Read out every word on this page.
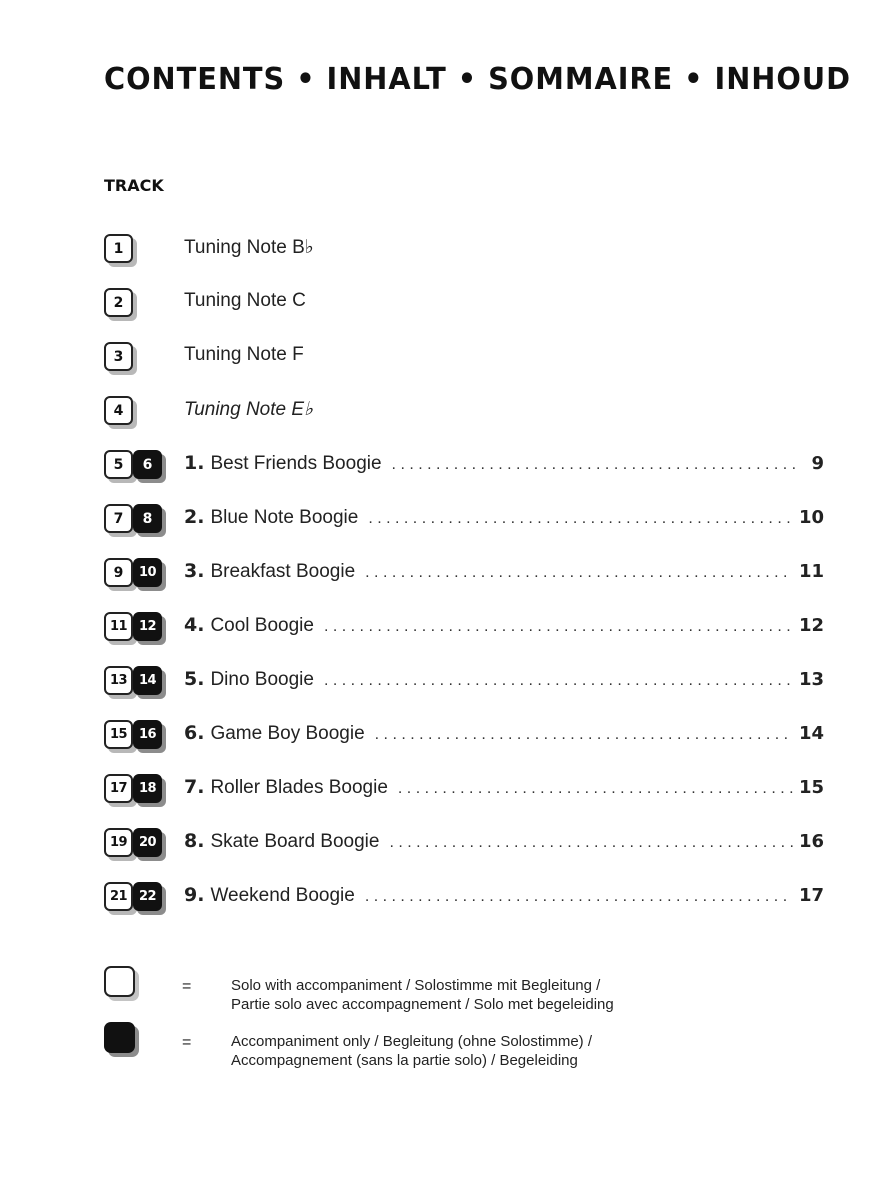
CONTENTS • INHALT • SOMMAIRE • INHOUD
TRACK
1	Tuning Note B♭
2	Tuning Note C
3	Tuning Note F
4	Tuning Note E♭
5	6	1. Best Friends Boogie . . .	9
7	8	2. Blue Note Boogie . . .	10
9	10	3. Breakfast Boogie . . .	11
11 12	4. Cool Boogie . . .	12
13 14	5. Dino Boogie . . .	13
15 16	6. Game Boy Boogie . . .	14
17 18	7. Roller Blades Boogie . . .	15
19 20	8. Skate Board Boogie . . .	16
21 22	9. Weekend Boogie . . .	17
=	Solo with accompaniment / Solostimme mit Begleitung /
Partie solo avec accompagnement / Solo met begeleiding
=	Accompaniment only / Begleitung (ohne Solostimme) /
Accompagnement (sans la partie solo) / Begeleiding
